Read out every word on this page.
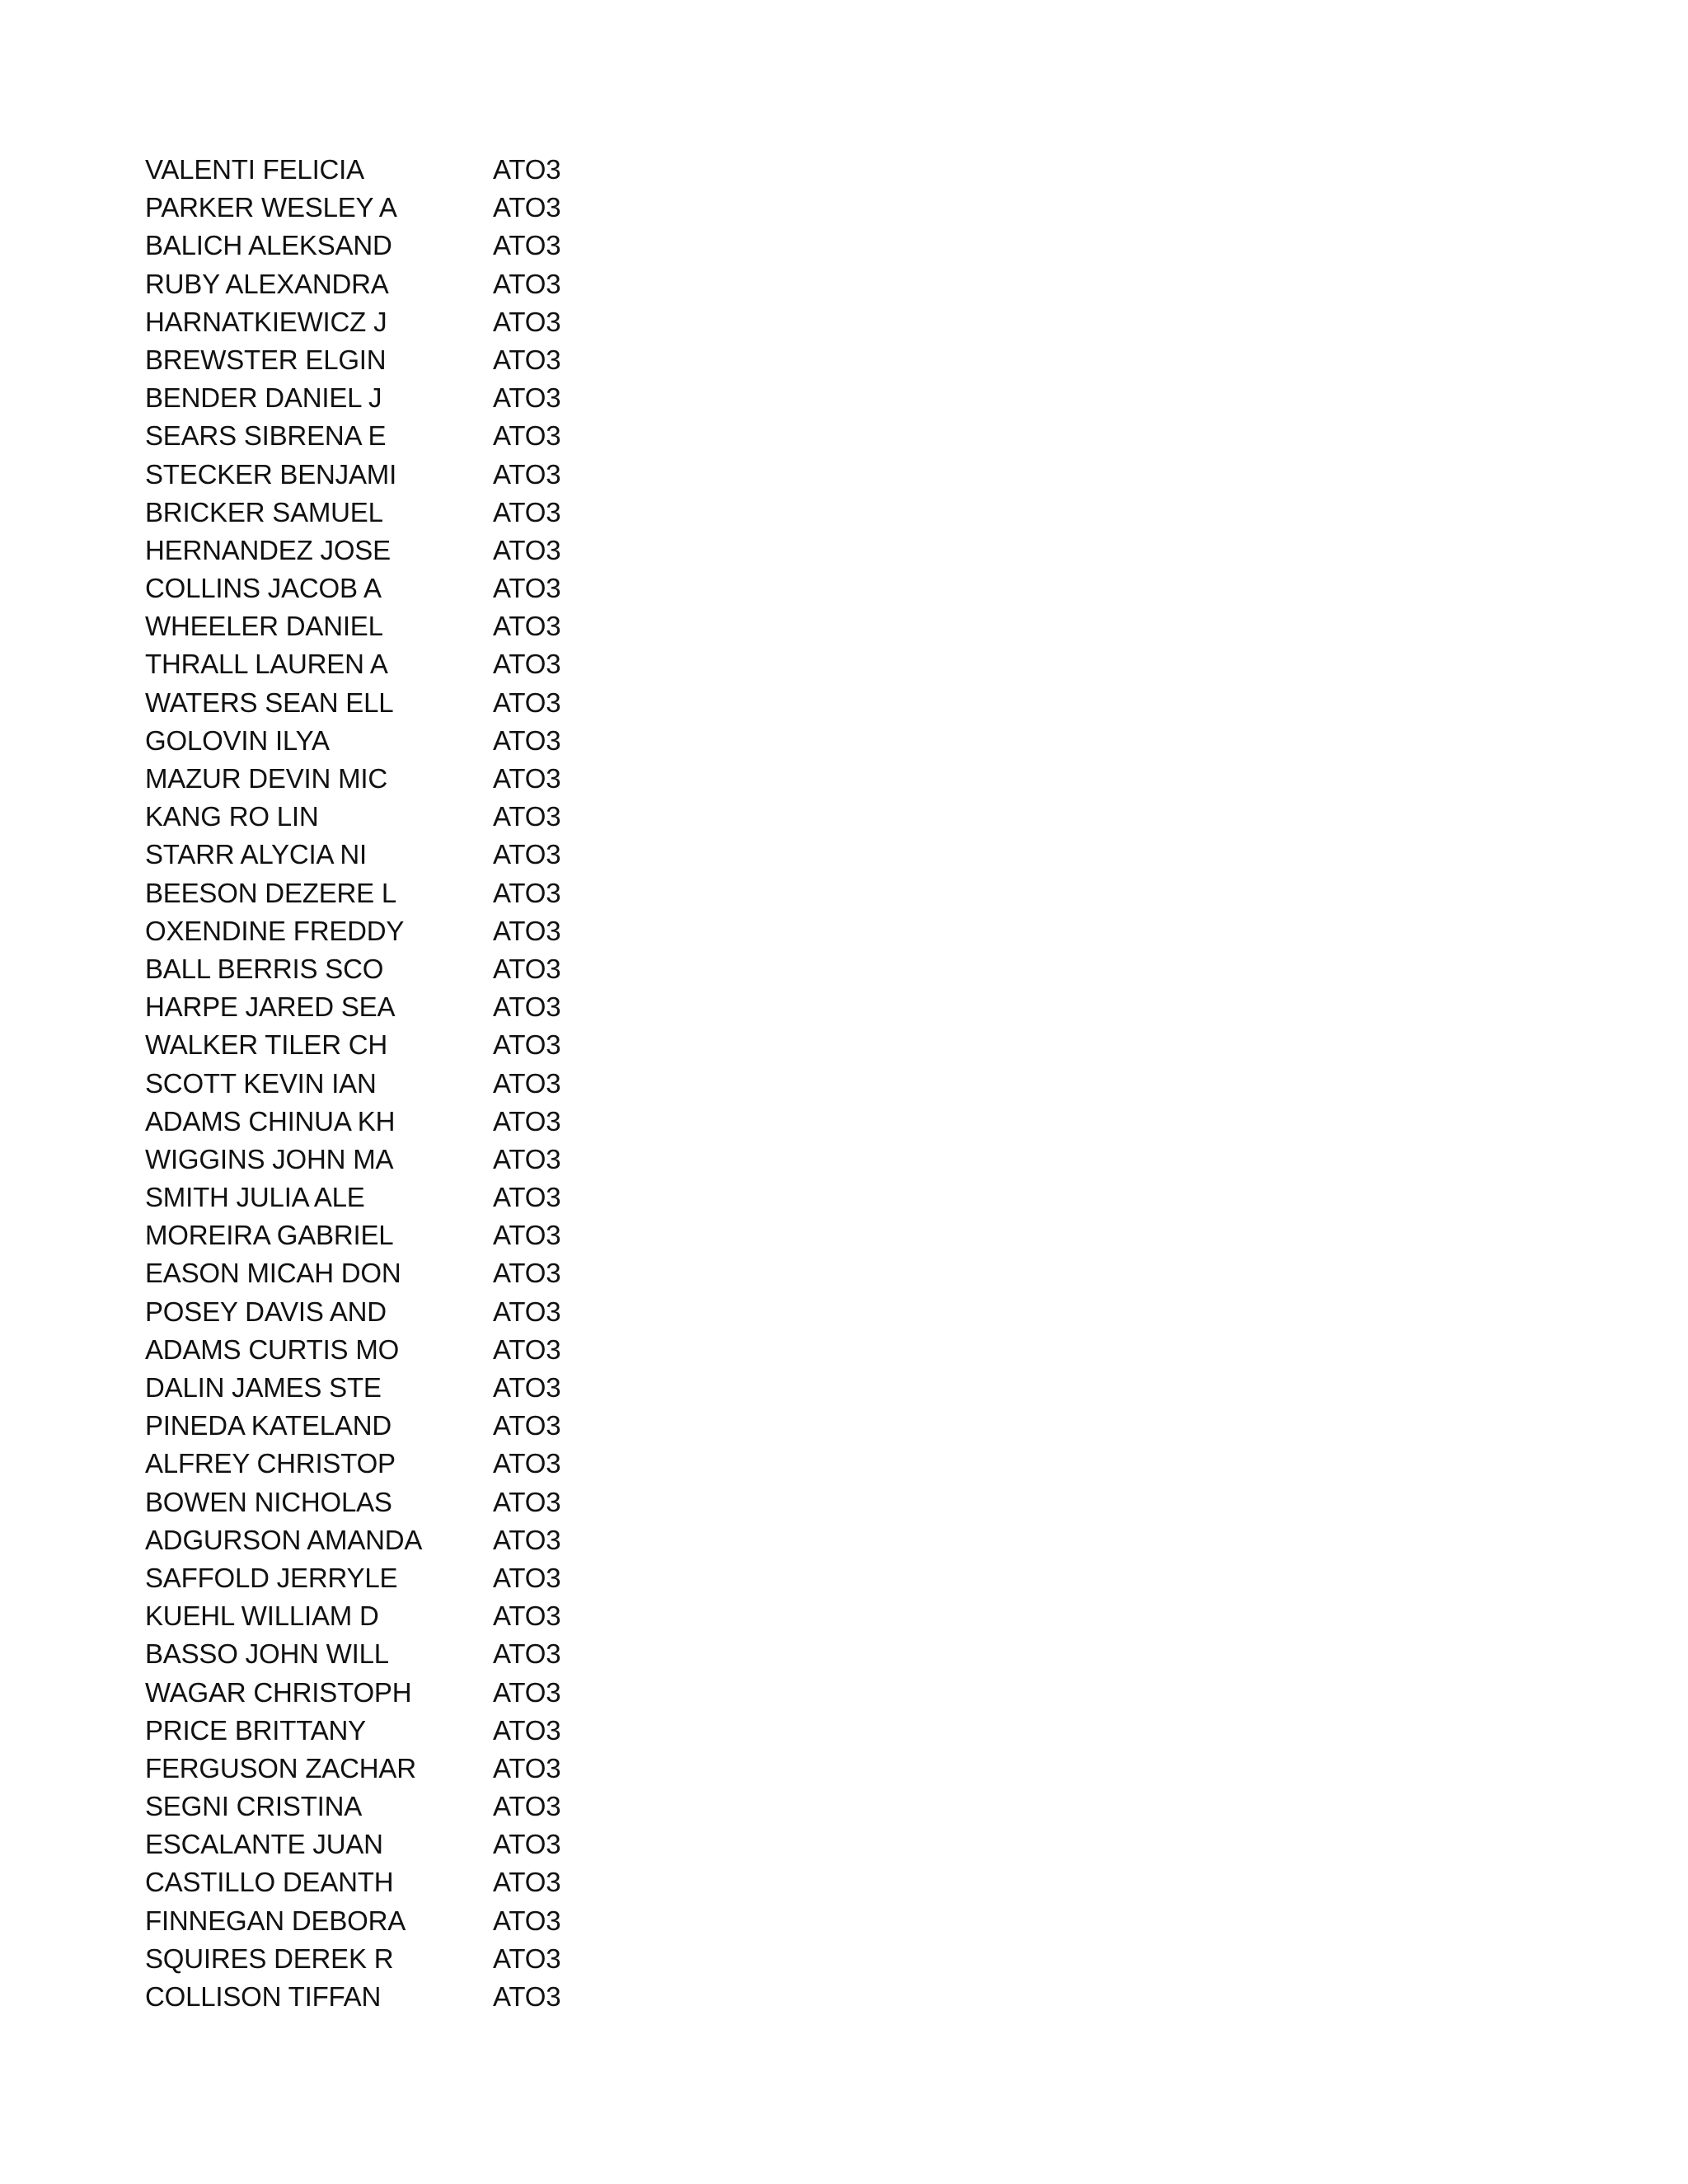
VALENTI FELICIA	ATO3
PARKER WESLEY A	ATO3
BALICH ALEKSAND	ATO3
RUBY ALEXANDRA	ATO3
HARNATKIEWICZ J	ATO3
BREWSTER ELGIN	ATO3
BENDER DANIEL J	ATO3
SEARS SIBRENA E	ATO3
STECKER BENJAMI	ATO3
BRICKER SAMUEL	ATO3
HERNANDEZ JOSE	ATO3
COLLINS JACOB A	ATO3
WHEELER DANIEL	ATO3
THRALL LAUREN A	ATO3
WATERS SEAN ELL	ATO3
GOLOVIN ILYA	ATO3
MAZUR DEVIN MIC	ATO3
KANG RO LIN	ATO3
STARR ALYCIA NI	ATO3
BEESON DEZERE L	ATO3
OXENDINE FREDDY	ATO3
BALL BERRIS SCO	ATO3
HARPE JARED SEA	ATO3
WALKER TILER CH	ATO3
SCOTT KEVIN IAN	ATO3
ADAMS CHINUA KH	ATO3
WIGGINS JOHN MA	ATO3
SMITH JULIA ALE	ATO3
MOREIRA GABRIEL	ATO3
EASON MICAH DON	ATO3
POSEY DAVIS AND	ATO3
ADAMS CURTIS MO	ATO3
DALIN JAMES STE	ATO3
PINEDA KATELAND	ATO3
ALFREY CHRISTOP	ATO3
BOWEN NICHOLAS	ATO3
ADGURSON AMANDA	ATO3
SAFFOLD JERRYLE	ATO3
KUEHL WILLIAM D	ATO3
BASSO JOHN WILL	ATO3
WAGAR CHRISTOPH	ATO3
PRICE BRITTANY	ATO3
FERGUSON ZACHAR	ATO3
SEGNI CRISTINA	ATO3
ESCALANTE JUAN	ATO3
CASTILLO DEANTH	ATO3
FINNEGAN DEBORA	ATO3
SQUIRES DEREK R	ATO3
COLLISON TIFFAN	ATO3
